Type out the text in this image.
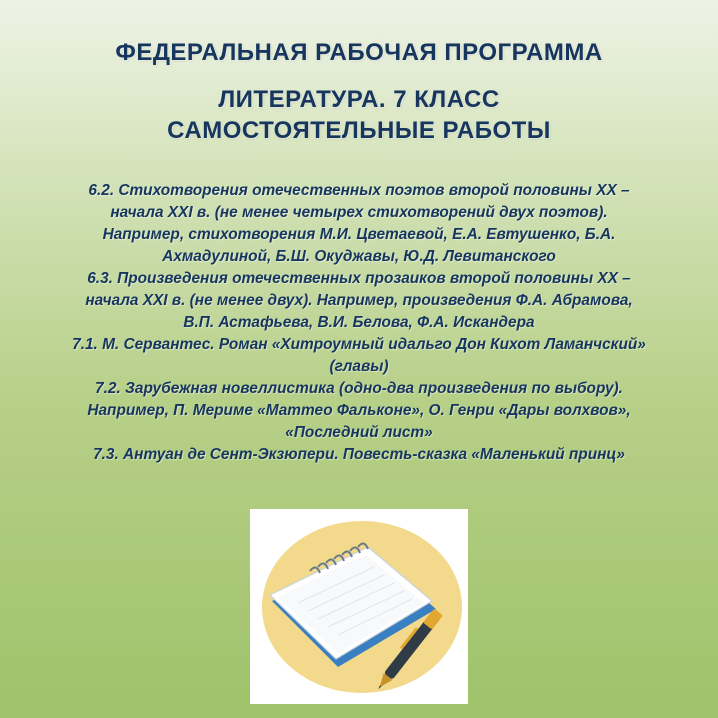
ФЕДЕРАЛЬНАЯ РАБОЧАЯ ПРОГРАММА
ЛИТЕРАТУРА. 7 КЛАСС
САМОСТОЯТЕЛЬНЫЕ РАБОТЫ
6.2. Стихотворения отечественных поэтов второй половины XX –
начала XXI в. (не менее четырех стихотворений двух поэтов).
Например, стихотворения М.И. Цветаевой, Е.А. Евтушенко, Б.А.
Ахмадулиной, Б.Ш. Окуджавы, Ю.Д. Левитанского
6.3. Произведения отечественных прозаиков второй половины XX –
начала XXI в. (не менее двух). Например, произведения Ф.А. Абрамова,
В.П. Астафьева, В.И. Белова, Ф.А. Искандера
7.1. М. Сервантес. Роман «Хитроумный идальго Дон Кихот Ламанчский»
(главы)
7.2. Зарубежная новеллистика (одно-два произведения по выбору).
Например, П. Мериме «Маттео Фальконе», О. Генри «Дары волхвов»,
«Последний лист»
7.3. Антуан де Сент-Экзюпери. Повесть-сказка «Маленький принц»
